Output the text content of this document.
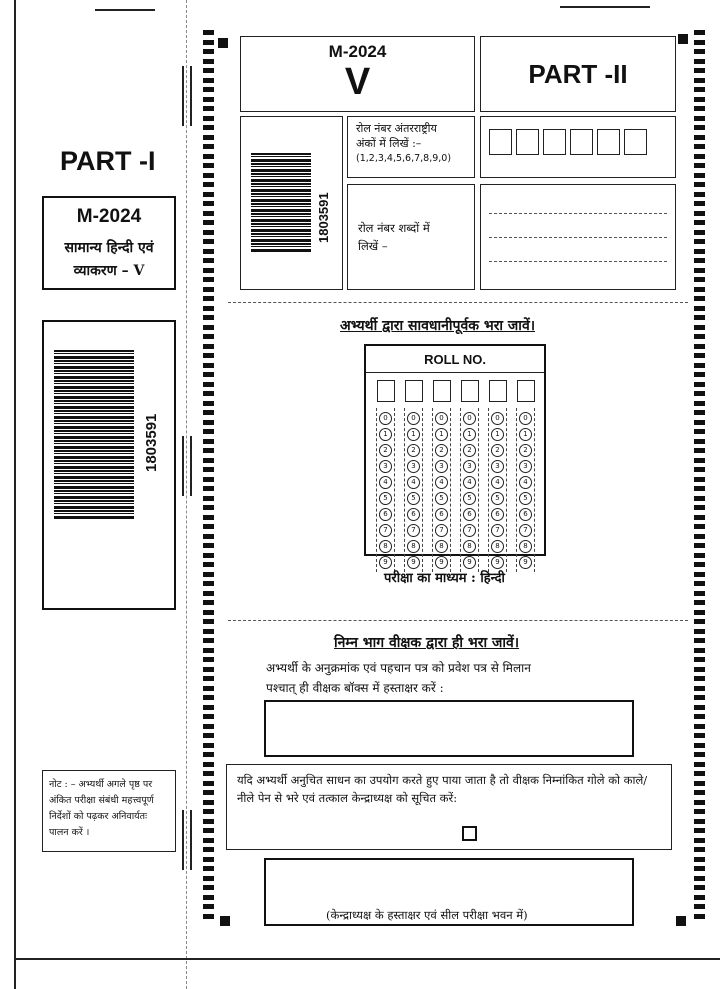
PART -I
M-2024
सामान्य हिन्दी एवं
व्याकरण – V
1803591
नोट : – अभ्यर्थी अगले पृष्ठ पर अंकित परीक्षा संबंधी महत्त्वपूर्ण निर्देशों को पढ़कर अनिवार्यतः पालन करें ।
M-2024
V	PART -II
1803591
रोल नंबर अंतरराष्ट्रीय
अंकों में लिखें :–
(1,2,3,4,5,6,7,8,9,0)
रोल नंबर शब्दों में
लिखें –
अभ्यर्थी द्वारा सावधानीपूर्वक भरा जावें।
ROLL NO.
0
1
2
3
4
5
6
7
8
9
0
1
2
3
4
5
6
7
8
9
0
1
2
3
4
5
6
7
8
9
0
1
2
3
4
5
6
7
8
9
0
1
2
3
4
5
6
7
8
9
0
1
2
3
4
5
6
7
8
9
परीक्षा का माध्यम : हिन्दी
निम्न भाग वीक्षक द्वारा ही भरा जावें।
अभ्यर्थी के अनुक्रमांक एवं पहचान पत्र को प्रवेश पत्र से मिलान
पश्चात् ही वीक्षक बॉक्स में हस्ताक्षर करें :
यदि अभ्यर्थी अनुचित साधन का उपयोग करते हुए पाया जाता है तो वीक्षक निम्नांकित गोले को काले/नीले पेन से भरे एवं तत्काल केन्द्राध्यक्ष को सूचित करें:
(केन्द्राध्यक्ष के हस्ताक्षर एवं सील परीक्षा भवन में)
